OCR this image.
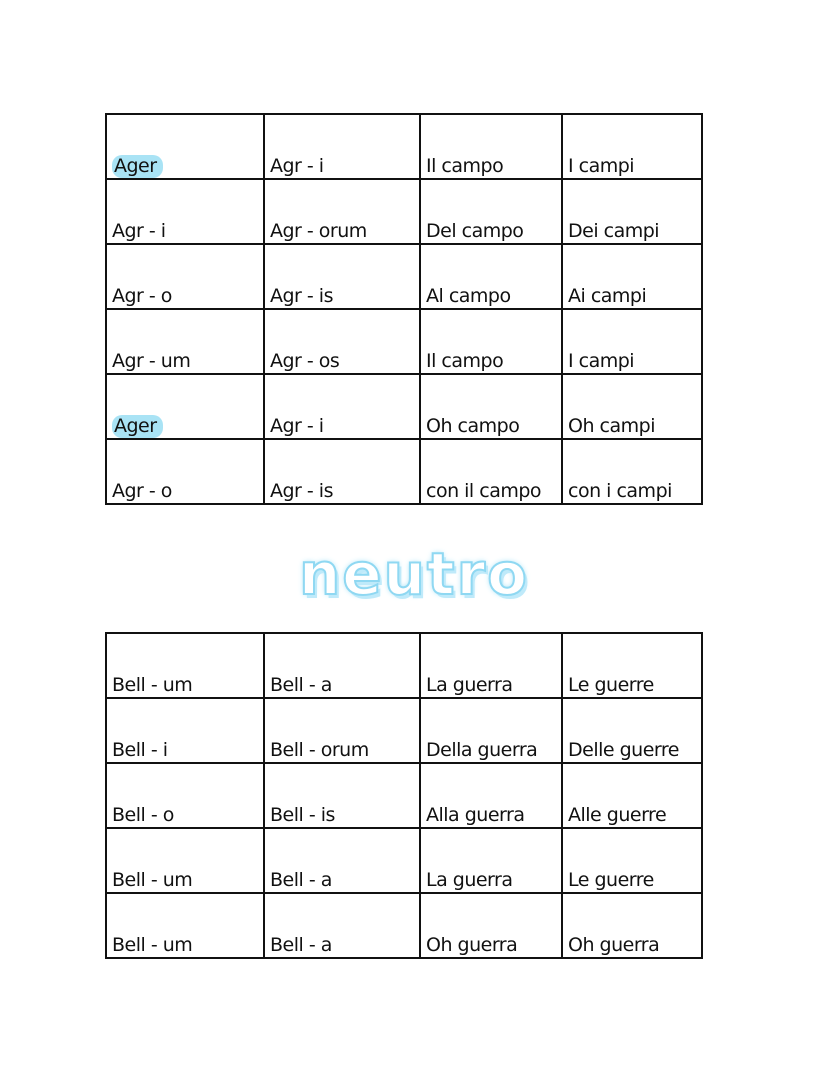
Ager	Agr - i	Il campo	I campi
Agr - i	Agr - orum	Del campo	Dei campi
Agr - o	Agr - is	Al campo	Ai campi
Agr - um	Agr - os	Il campo	I campi
Ager	Agr - i	Oh campo	Oh campi
Agr - o	Agr - is	con il campo	con i campi
neutro
Bell - um	Bell - a	La guerra	Le guerre
Bell - i	Bell - orum	Della guerra	Delle guerre
Bell - o	Bell - is	Alla guerra	Alle guerre
Bell - um	Bell - a	La guerra	Le guerre
Bell - um	Bell - a	Oh guerra	Oh guerra
